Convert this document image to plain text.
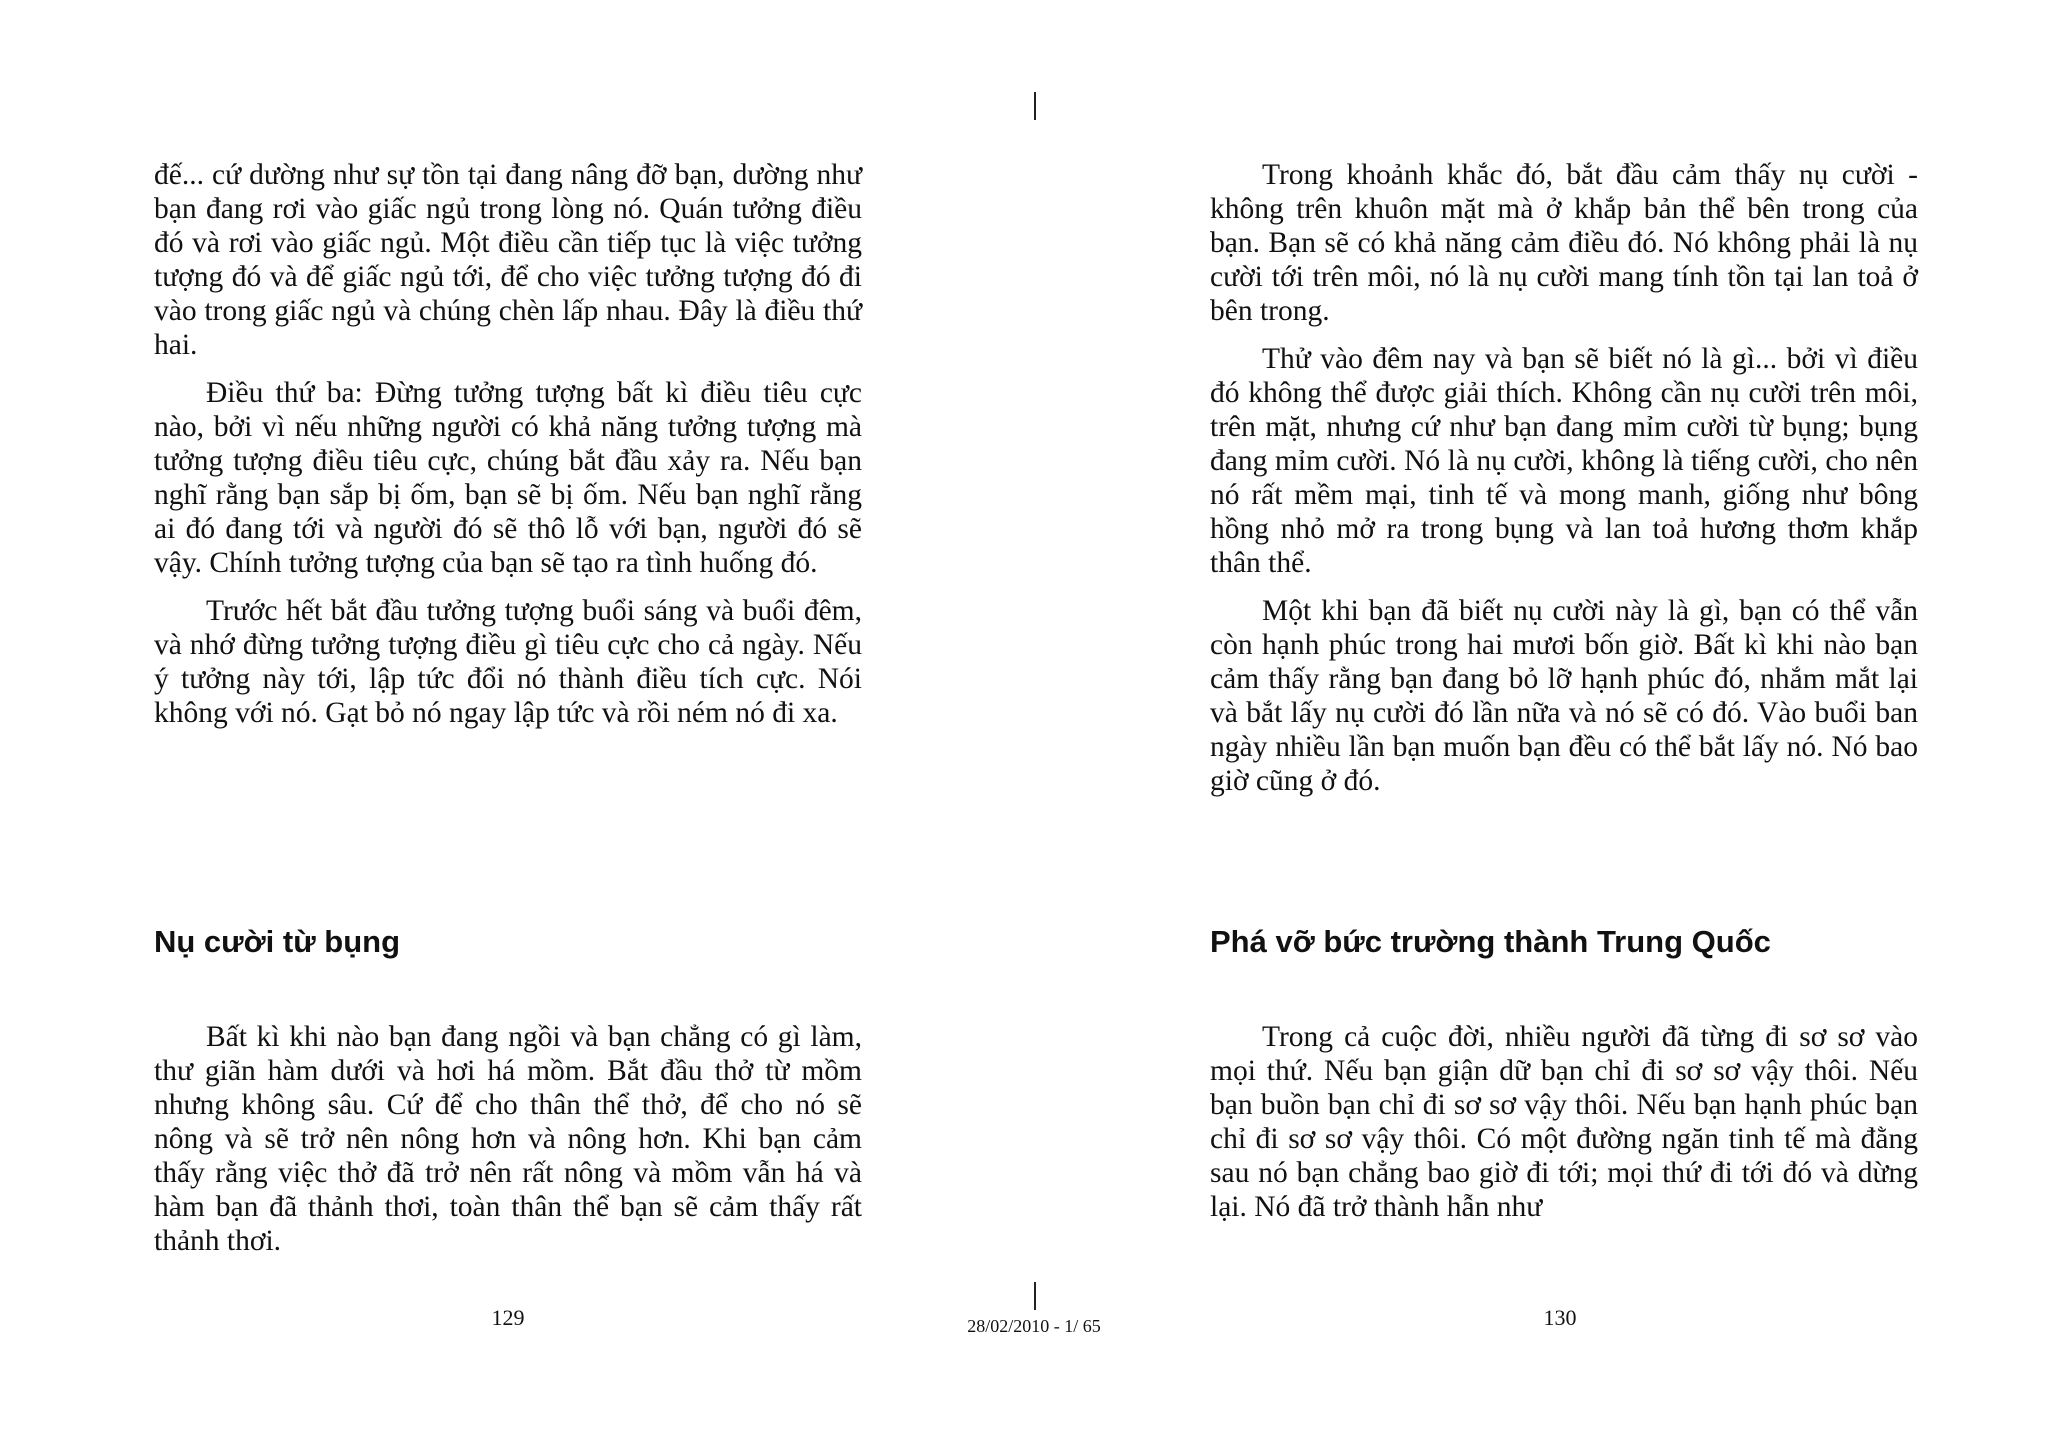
đế... cứ dường như sự tồn tại đang nâng đỡ bạn, dường như bạn đang rơi vào giấc ngủ trong lòng nó. Quán tưởng điều đó và rơi vào giấc ngủ. Một điều cần tiếp tục là việc tưởng tượng đó và để giấc ngủ tới, để cho việc tưởng tượng đó đi vào trong giấc ngủ và chúng chèn lấp nhau. Đây là điều thứ hai.

Điều thứ ba: Đừng tưởng tượng bất kì điều tiêu cực nào, bởi vì nếu những người có khả năng tưởng tượng mà tưởng tượng điều tiêu cực, chúng bắt đầu xảy ra. Nếu bạn nghĩ rằng bạn sắp bị ốm, bạn sẽ bị ốm. Nếu bạn nghĩ rằng ai đó đang tới và người đó sẽ thô lỗ với bạn, người đó sẽ vậy. Chính tưởng tượng của bạn sẽ tạo ra tình huống đó.

Trước hết bắt đầu tưởng tượng buổi sáng và buổi đêm, và nhớ đừng tưởng tượng điều gì tiêu cực cho cả ngày. Nếu ý tưởng này tới, lập tức đổi nó thành điều tích cực. Nói không với nó. Gạt bỏ nó ngay lập tức và rồi ném nó đi xa.

Nụ cười từ bụng

Bất kì khi nào bạn đang ngồi và bạn chẳng có gì làm, thư giãn hàm dưới và hơi há mồm. Bắt đầu thở từ mồm nhưng không sâu. Cứ để cho thân thể thở, để cho nó sẽ nông và sẽ trở nên nông hơn và nông hơn. Khi bạn cảm thấy rằng việc thở đã trở nên rất nông và mồm vẫn há và hàm bạn đã thảnh thơi, toàn thân thể bạn sẽ cảm thấy rất thảnh thơi.

129

Trong khoảnh khắc đó, bắt đầu cảm thấy nụ cười - không trên khuôn mặt mà ở khắp bản thể bên trong của bạn. Bạn sẽ có khả năng cảm điều đó. Nó không phải là nụ cười tới trên môi, nó là nụ cười mang tính tồn tại lan toả ở bên trong.

Thử vào đêm nay và bạn sẽ biết nó là gì... bởi vì điều đó không thể được giải thích. Không cần nụ cười trên môi, trên mặt, nhưng cứ như bạn đang mỉm cười từ bụng; bụng đang mỉm cười. Nó là nụ cười, không là tiếng cười, cho nên nó rất mềm mại, tinh tế và mong manh, giống như bông hồng nhỏ mở ra trong bụng và lan toả hương thơm khắp thân thể.

Một khi bạn đã biết nụ cười này là gì, bạn có thể vẫn còn hạnh phúc trong hai mươi bốn giờ. Bất kì khi nào bạn cảm thấy rằng bạn đang bỏ lỡ hạnh phúc đó, nhắm mắt lại và bắt lấy nụ cười đó lần nữa và nó sẽ có đó. Vào buổi ban ngày nhiều lần bạn muốn bạn đều có thể bắt lấy nó. Nó bao giờ cũng ở đó.

Phá vỡ bức trường thành Trung Quốc

Trong cả cuộc đời, nhiều người đã từng đi sơ sơ vào mọi thứ. Nếu bạn giận dữ bạn chỉ đi sơ sơ vậy thôi. Nếu bạn buồn bạn chỉ đi sơ sơ vậy thôi. Nếu bạn hạnh phúc bạn chỉ đi sơ sơ vậy thôi. Có một đường ngăn tinh tế mà đằng sau nó bạn chẳng bao giờ đi tới; mọi thứ đi tới đó và dừng lại. Nó đã trở thành hẫn như

130
28/02/2010 - 1/ 65
